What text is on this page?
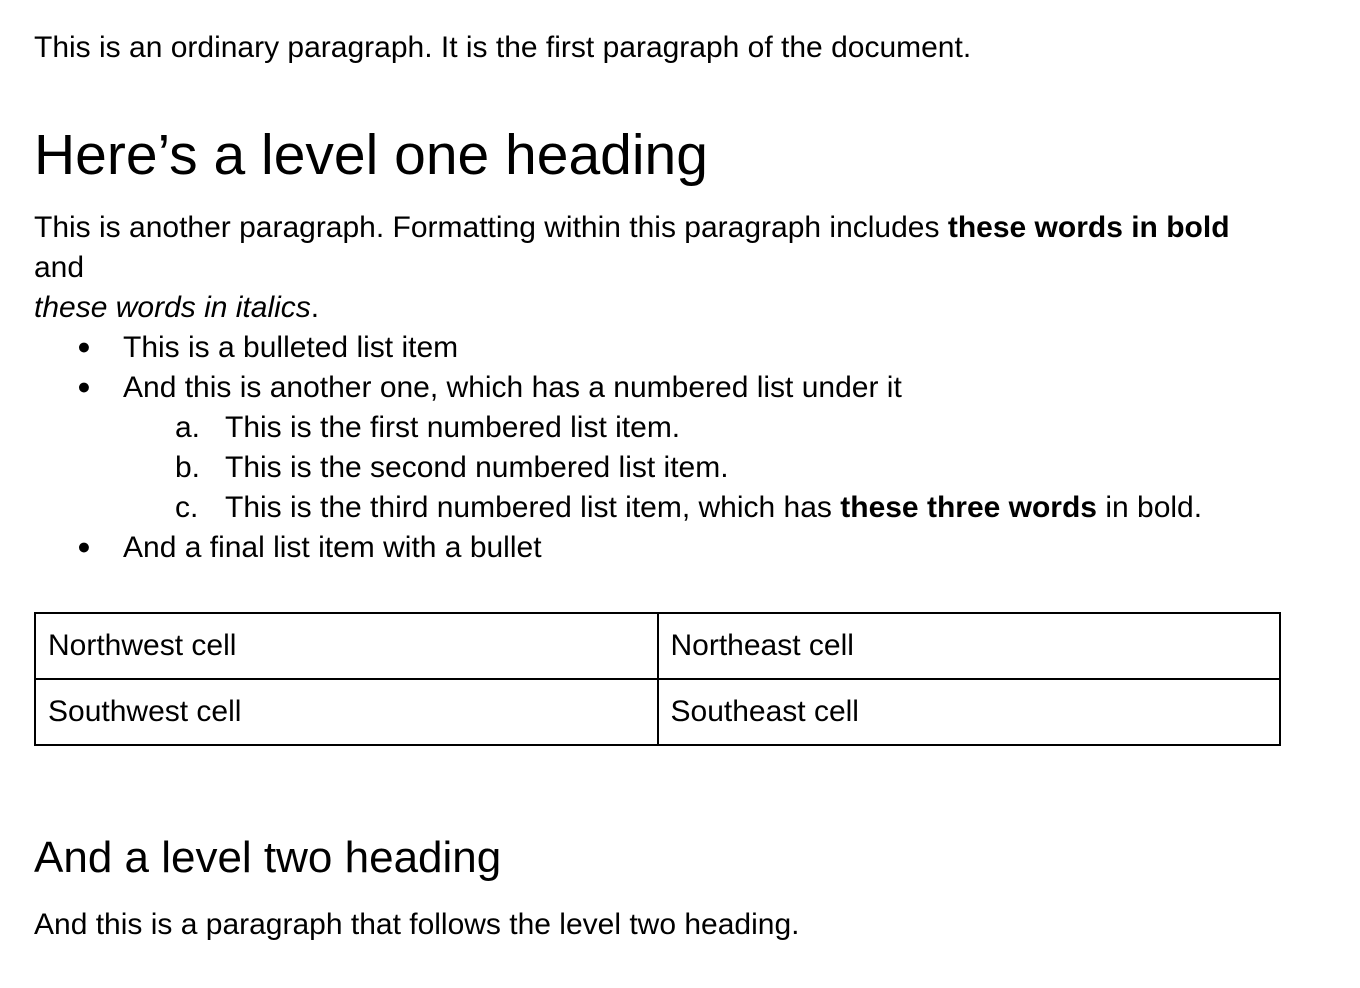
This is an ordinary paragraph. It is the first paragraph of the document.

Here’s a level one heading

This is another paragraph. Formatting within this paragraph includes these words in bold and
these words in italics.

● This is a bulleted list item
● And this is another one, which has a numbered list under it
a. This is the first numbered list item.
b. This is the second numbered list item.
c. This is the third numbered list item, which has these three words in bold.
● And a final list item with a bullet
Northwest cell	Northeast cell
Southwest cell	Southeast cell
And a level two heading

And this is a paragraph that follows the level two heading.
